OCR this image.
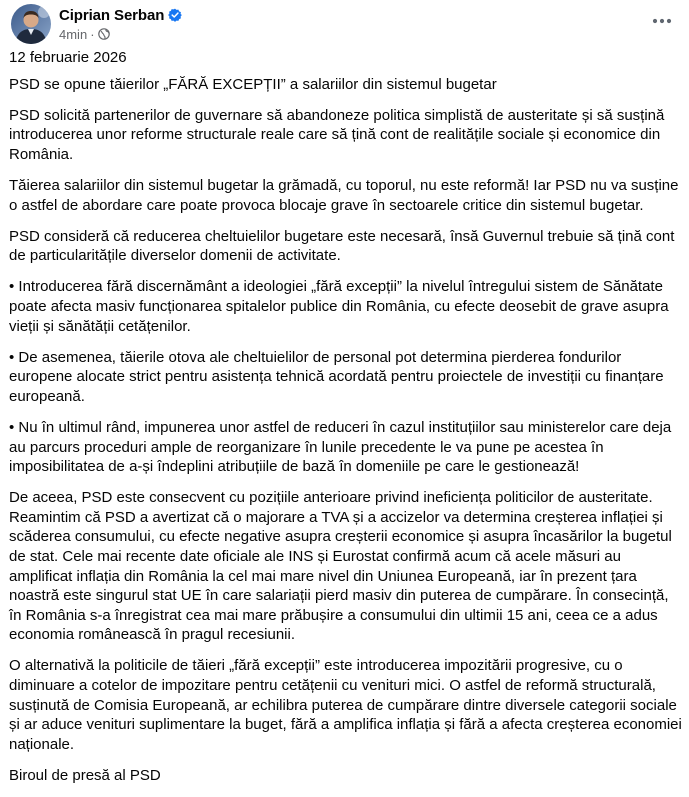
Ciprian Serban
4min ·

12 februarie 2026

PSD se opune tăierilor „FĂRĂ EXCEPȚII” a salariilor din sistemul bugetar

PSD solicită partenerilor de guvernare să abandoneze politica simplistă de austeritate și să susțină introducerea unor reforme structurale reale care să țină cont de realitățile sociale și economice din România.

Tăierea salariilor din sistemul bugetar la grămadă, cu toporul, nu este reformă! Iar PSD nu va susține o astfel de abordare care poate provoca blocaje grave în sectoarele critice din sistemul bugetar.

PSD consideră că reducerea cheltuielilor bugetare este necesară, însă Guvernul trebuie să țină cont de particularitățile diverselor domenii de activitate.

• Introducerea fără discernământ a ideologiei „fără excepții” la nivelul întregului sistem de Sănătate poate afecta masiv funcționarea spitalelor publice din România, cu efecte deosebit de grave asupra vieții și sănătății cetățenilor.

• De asemenea, tăierile otova ale cheltuielilor de personal pot determina pierderea fondurilor europene alocate strict pentru asistența tehnică acordată pentru proiectele de investiții cu finanțare europeană.

• Nu în ultimul rând, impunerea unor astfel de reduceri în cazul instituțiilor sau ministerelor care deja au parcurs proceduri ample de reorganizare în lunile precedente le va pune pe acestea în imposibilitatea de a-și îndeplini atribuțiile de bază în domeniile pe care le gestionează!

De aceea, PSD este consecvent cu pozițiile anterioare privind ineficiența politicilor de austeritate. Reamintim că PSD a avertizat că o majorare a TVA și a accizelor va determina creșterea inflației și scăderea consumului, cu efecte negative asupra creșterii economice și asupra încasărilor la bugetul de stat. Cele mai recente date oficiale ale INS și Eurostat confirmă acum că acele măsuri au amplificat inflația din România la cel mai mare nivel din Uniunea Europeană, iar în prezent țara noastră este singurul stat UE în care salariații pierd masiv din puterea de cumpărare. În consecință, în România s-a înregistrat cea mai mare prăbușire a consumului din ultimii 15 ani, ceea ce a adus economia românească în pragul recesiunii.

O alternativă la politicile de tăieri „fără excepții” este introducerea impozitării progresive, cu o diminuare a cotelor de impozitare pentru cetățenii cu venituri mici. O astfel de reformă structurală, susținută de Comisia Europeană, ar echilibra puterea de cumpărare dintre diversele categorii sociale și ar aduce venituri suplimentare la buget, fără a amplifica inflația și fără a afecta creșterea economiei naționale.

Biroul de presă al PSD
